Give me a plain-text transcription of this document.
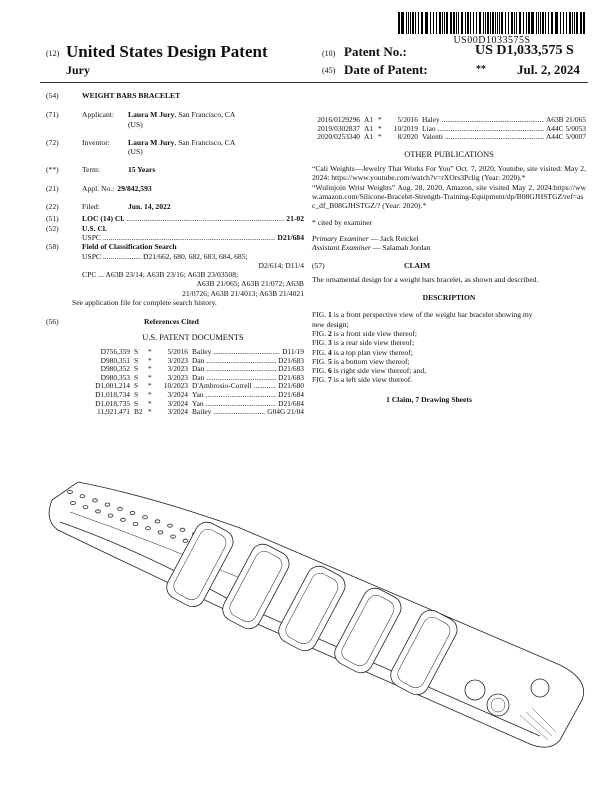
US00D1033575S
(12) United States Design Patent	(10) Patent No.:	US D1,033,575 S
Jury	(45) Date of Patent:	** Jul. 2, 2024
(54)	WEIGHT BARS BRACELET
(71)	Applicant:	Laura M Jury, San Francisco, CA
(US)
(72)	Inventor:	Laura M Jury, San Francisco, CA
(US)
(**)	Term:	15 Years
(21)	Appl. No.: 29/842,593
(22)	Filed:	Jun. 14, 2022
(51)	LOC (14) Cl. .....	21-02
(52)	U.S. Cl.
USPC .....	D21/684
(58)	Field of Classification Search
USPC .....	D21/662, 680, 682, 683, 684, 685;
D2/614; D11/4
CPC ... A63B 23/14; A63B 23/16; A63B 23/03508;
A63B 21/065; A63B 21/072; A63B
21/0726; A63B 21/4013; A63B 21/4021
See application file for complete search history.
(56)	References Cited
U.S. PATENT DOCUMENTS
D756,359 S	*	5/2016 Bailey .....	D11/19
D980,351 S	*	3/2023 Dan .....	D21/683
D980,352 S	*	3/2023 Dan .....	D21/683
D980,353 S	*	3/2023 Dan .....	D21/683
D1,001,214 S	*	10/2023 D'Ambrosio-Correll .....	D21/680
D1,018,734 S	*	3/2024 Yan .....	D21/684
D1,018,735 S	*	3/2024 Yan .....	D21/684
11,921,471 B2 *	3/2024 Bailey .....	G04G 21/04
2016/0129296 A1 *	5/2016 Haley .....	A63B 21/065
2019/0302837 A1 *	10/2019 Liao .....	A44C 5/0053
2020/0253340 A1 *	8/2020 Valenti .....	A44C 5/0007
OTHER PUBLICATIONS
“Cali Weights—Jewelry That Works For You” Oct. 7, 2020, Youtube, site visited: May 2, 2024: https://www.youtube.com/watch?v=rXOrs3Pclig (Year: 2020).*
“Wulinjoin Wrist Weights” Aug. 28, 2020, Amazon, site visited May 2, 2024:https://www.amazon.com/Silicone-Bracelet-Strength-Training-Equipment/dp/B08GJHSTGZ/ref=asc_df_B08GJHSTGZ/? (Year: 2020).*
* cited by examiner
Primary Examiner — Jack Reickel
Assistant Examiner — Salamah Jordan
(57)	CLAIM
The ornamental design for a weight bars bracelet, as shown and described.
DESCRIPTION
FIG. 1 is a front perspective view of the weight bar bracelet showing my new design;
FIG. 2 is a front side view thereof;
FIG. 3 is a rear side view thereof;
FIG. 4 is a top plan view thereof;
FIG. 5 is a bottom view thereof;
FIG. 6 is right side view thereof; and,
FIG. 7 is a left side view thereof.
1 Claim, 7 Drawing Sheets
